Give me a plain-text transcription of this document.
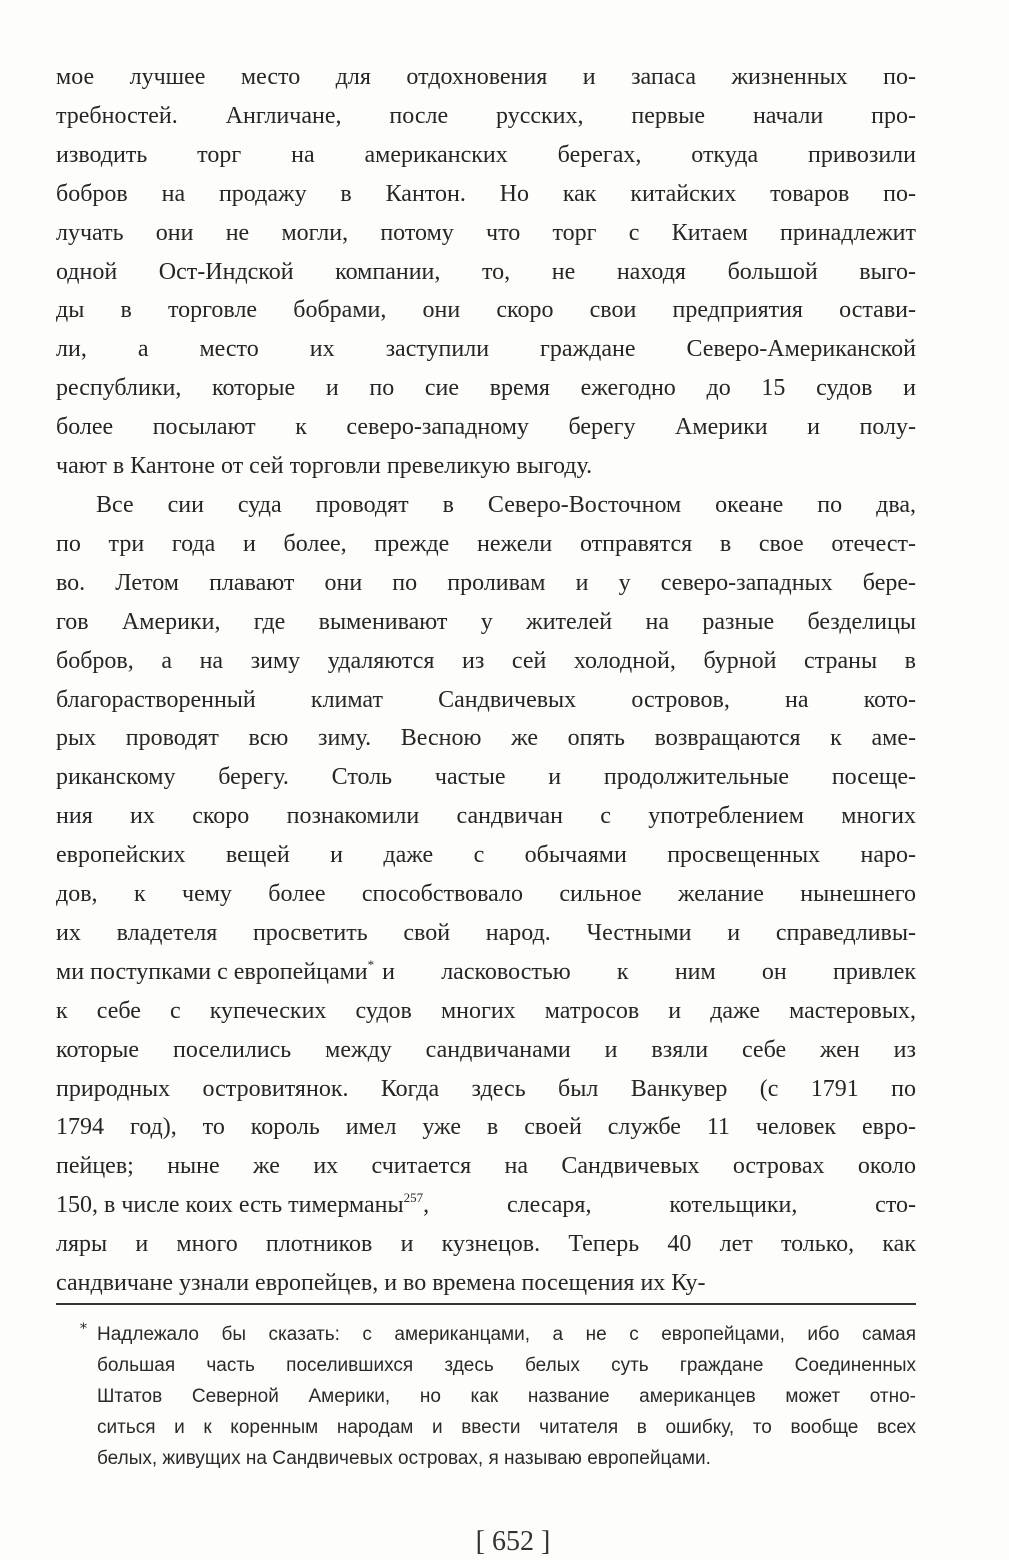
мое лучшее место для отдохновения и запаса жизненных по-
требностей. Англичане, после русских, первые начали про-
изводить торг на американских берегах, откуда привозили
бобров на продажу в Кантон. Но как китайских товаров по-
лучать они не могли, потому что торг с Китаем принадлежит
одной Ост-Индской компании, то, не находя большой выго-
ды в торговле бобрами, они скоро свои предприятия остави-
ли, а место их заступили граждане Северо-Американской
республики, которые и по сие время ежегодно до 15 судов и
более посылают к северо-западному берегу Америки и полу-
чают в Кантоне от сей торговли превеликую выгоду.
Все сии суда проводят в Северо-Восточном океане по два,
по три года и более, прежде нежели отправятся в свое отечест-
во. Летом плавают они по проливам и у северо-западных бере-
гов Америки, где выменивают у жителей на разные безделицы
бобров, а на зиму удаляются из сей холодной, бурной страны в
благорастворенный климат Сандвичевых островов, на кото-
рых проводят всю зиму. Весною же опять возвращаются к аме-
риканскому берегу. Столь частые и продолжительные посеще-
ния их скоро познакомили сандвичан с употреблением многих
европейских вещей и даже с обычаями просвещенных наро-
дов, к чему более способствовало сильное желание нынешнего
их владетеля просветить свой народ. Честными и справедливы-
ми поступками с европейцами * и ласковостью к ним он привлек
к себе с купеческих судов многих матросов и даже мастеровых,
которые поселились между сандвичанами и взяли себе жен из
природных островитянок. Когда здесь был Ванкувер (с 1791 по
1794 год), то король имел уже в своей службе 11 человек евро-
пейцев; ныне же их считается на Сандвичевых островах около
150, в числе коих есть тимерманы 257 , слесаря, котельщики, сто-
ляры и много плотников и кузнецов. Теперь 40 лет только, как
сандвичане узнали европейцев, и во времена посещения их Ку-
* Надлежало бы сказать: с американцами, а не с европейцами, ибо самая
большая часть поселившихся здесь белых суть граждане Соединенных
Штатов Северной Америки, но как название американцев может отно-
ситься и к коренным народам и ввести читателя в ошибку, то вообще всех
белых, живущих на Сандвичевых островах, я называю европейцами.
[ 652 ]
